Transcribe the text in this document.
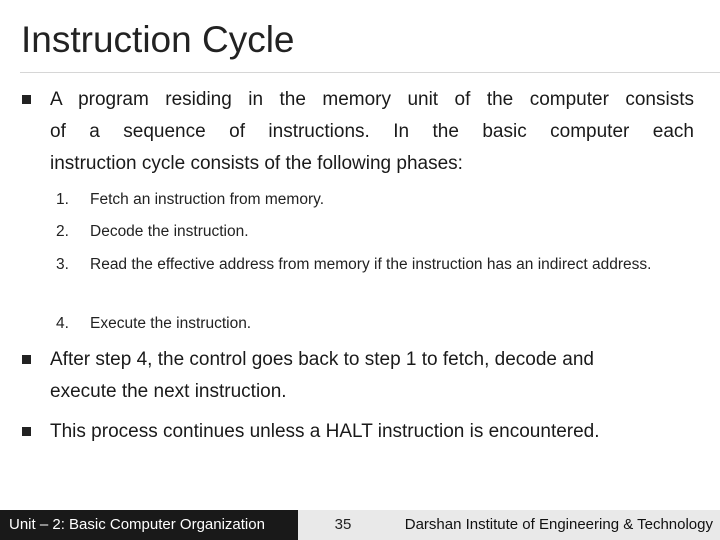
Instruction Cycle
A program residing in the memory unit of the computer consists
of a sequence of instructions. In the basic computer each
instruction cycle consists of the following phases:
1.	Fetch an instruction from memory.
2.	Decode the instruction.
3.	Read the effective address from memory if the instruction has an indirect address.
4.	Execute the instruction.
After step 4, the control goes back to step 1 to fetch, decode and
execute the next instruction.
This process continues unless a HALT instruction is encountered.
Unit – 2: Basic Computer Organization	35	Darshan Institute of Engineering & Technology
